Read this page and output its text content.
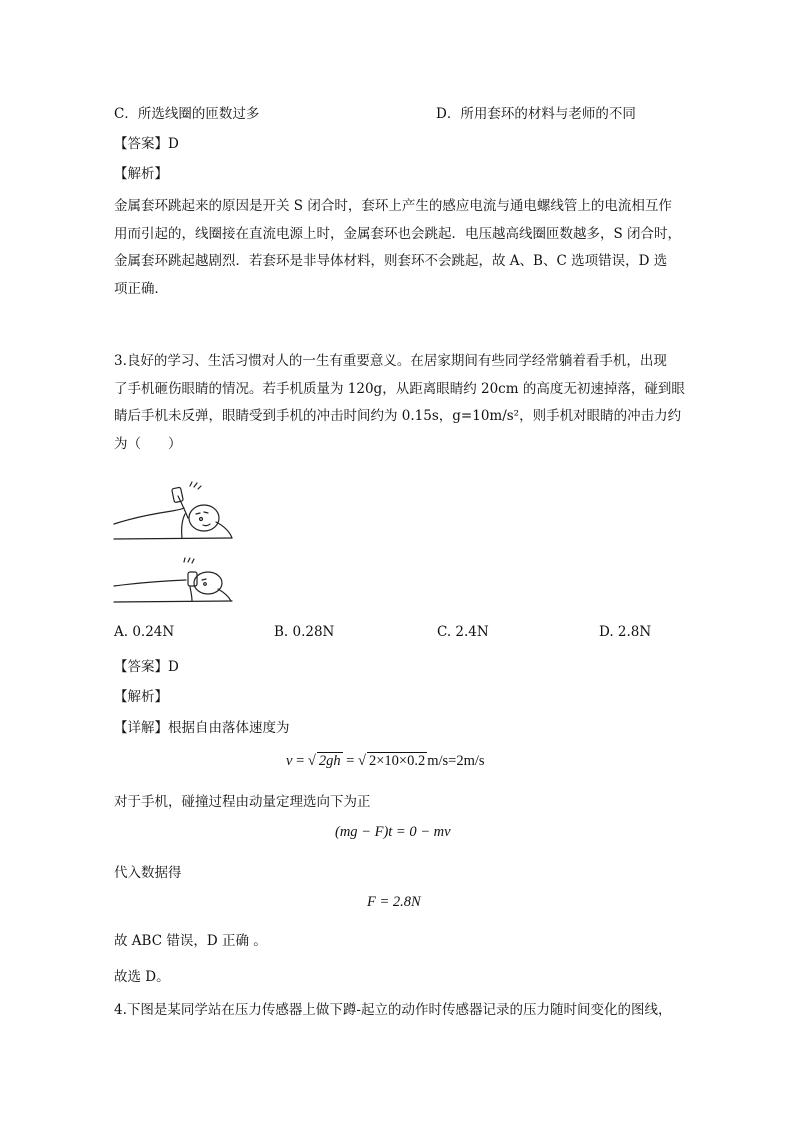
C．所选线圈的匝数过多	D．所用套环的材料与老师的不同
【答案】D
【解析】
金属套环跳起来的原因是开关 S 闭合时，套环上产生的感应电流与通电螺线管上的电流相互作
用而引起的，线圈接在直流电源上时，金属套环也会跳起．电压越高线圈匝数越多，S 闭合时，
金属套环跳起越剧烈．若套环是非导体材料，则套环不会跳起，故 A、B、C 选项错误，D 选
项正确．
3.良好的学习、生活习惯对人的一生有重要意义。在居家期间有些同学经常躺着看手机，出现
了手机砸伤眼睛的情况。若手机质量为 120g，从距离眼睛约 20cm 的高度无初速掉落，碰到眼
睛后手机未反弹，眼睛受到手机的冲击时间约为 0.15s，g=10m/s²，则手机对眼睛的冲击力约
为（　　）
A. 0.24N	B. 0.28N	C. 2.4N	D. 2.8N
【答案】D
【解析】
【详解】根据自由落体速度为
v = √ 2gh = √ 2×10×0.2 m/s=2m/s
对于手机，碰撞过程由动量定理选向下为正
(mg − F)t = 0 − mv
代入数据得
F = 2.8N
故 ABC 错误，D 正确 。
故选 D。
4.下图是某同学站在压力传感器上做下蹲-起立的动作时传感器记录的压力随时间变化的图线，
